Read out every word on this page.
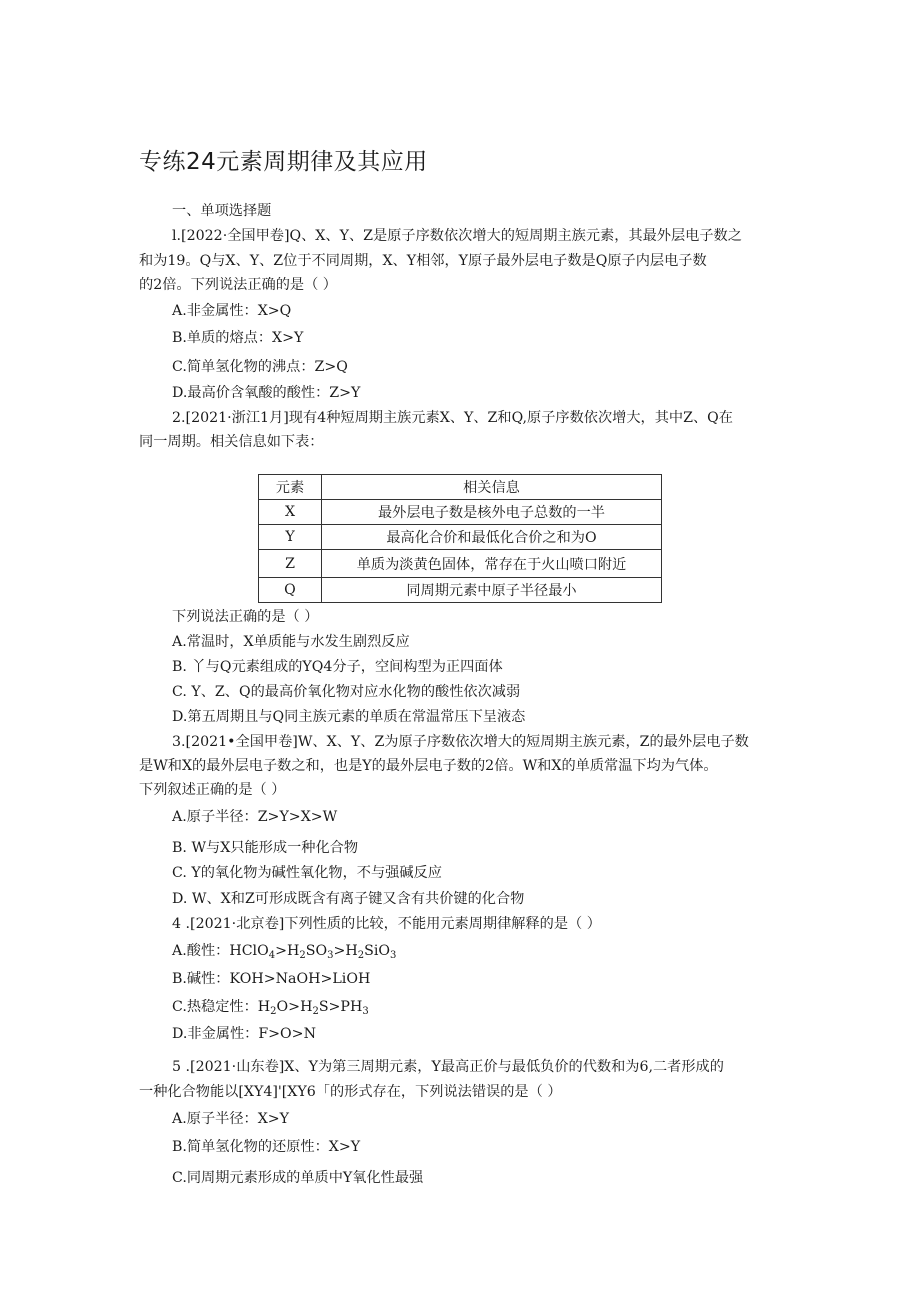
专练24元素周期律及其应用
一、单项选择题
l.[2022·全国甲卷]Q、X、Y、Z是原子序数依次增大的短周期主族元素，其最外层电子数之
和为19。Q与X、Y、Z位于不同周期，X、Y相邻，Y原子最外层电子数是Q原子内层电子数
的2倍。下列说法正确的是（ ）
A.非金属性：X>Q
B.单质的熔点：X>Y
C.简单氢化物的沸点：Z>Q
D.最高价含氧酸的酸性：Z>Y
2.[2021·浙江1月]现有4种短周期主族元素X、Y、Z和Q,原子序数依次增大，其中Z、Q在
同一周期。相关信息如下表：
元素	相关信息
X	最外层电子数是核外电子总数的一半
Y	最高化合价和最低化合价之和为O
Z	单质为淡黄色固体，常存在于火山喷口附近
Q	同周期元素中原子半径最小
下列说法正确的是（ ）
A.常温时，X单质能与水发生剧烈反应
B. 丫与Q元素组成的YQ4分子，空间构型为正四面体
C. Y、Z、Q的最高价氧化物对应水化物的酸性依次减弱
D.第五周期且与Q同主族元素的单质在常温常压下呈液态
3.[2021•全国甲卷]W、X、Y、Z为原子序数依次增大的短周期主族元素，Z的最外层电子数
是W和X的最外层电子数之和，也是Y的最外层电子数的2倍。W和X的单质常温下均为气体。
下列叙述正确的是（ ）
A.原子半径：Z>Y>X>W
B. W与X只能形成一种化合物
C. Y的氧化物为碱性氧化物，不与强碱反应
D. W、X和Z可形成既含有离子键又含有共价键的化合物
4 .[2021·北京卷]下列性质的比较，不能用元素周期律解释的是（ ）
A.酸性：$HClO_4>H_2SO_3>H_2SiO_3$
B.碱性：KOH>NaOH>LiOH
C.热稳定性：$H_2O>H_2S>PH_3$
D.非金属性：F>O>N
5 .[2021·山东卷]X、Y为第三周期元素，Y最高正价与最低负价的代数和为6,二者形成的
一种化合物能以[XY4]'[XY6「的形式存在，下列说法错误的是（ ）
A.原子半径：X>Y
B.简单氢化物的还原性：X>Y
C.同周期元素形成的单质中Y氧化性最强
